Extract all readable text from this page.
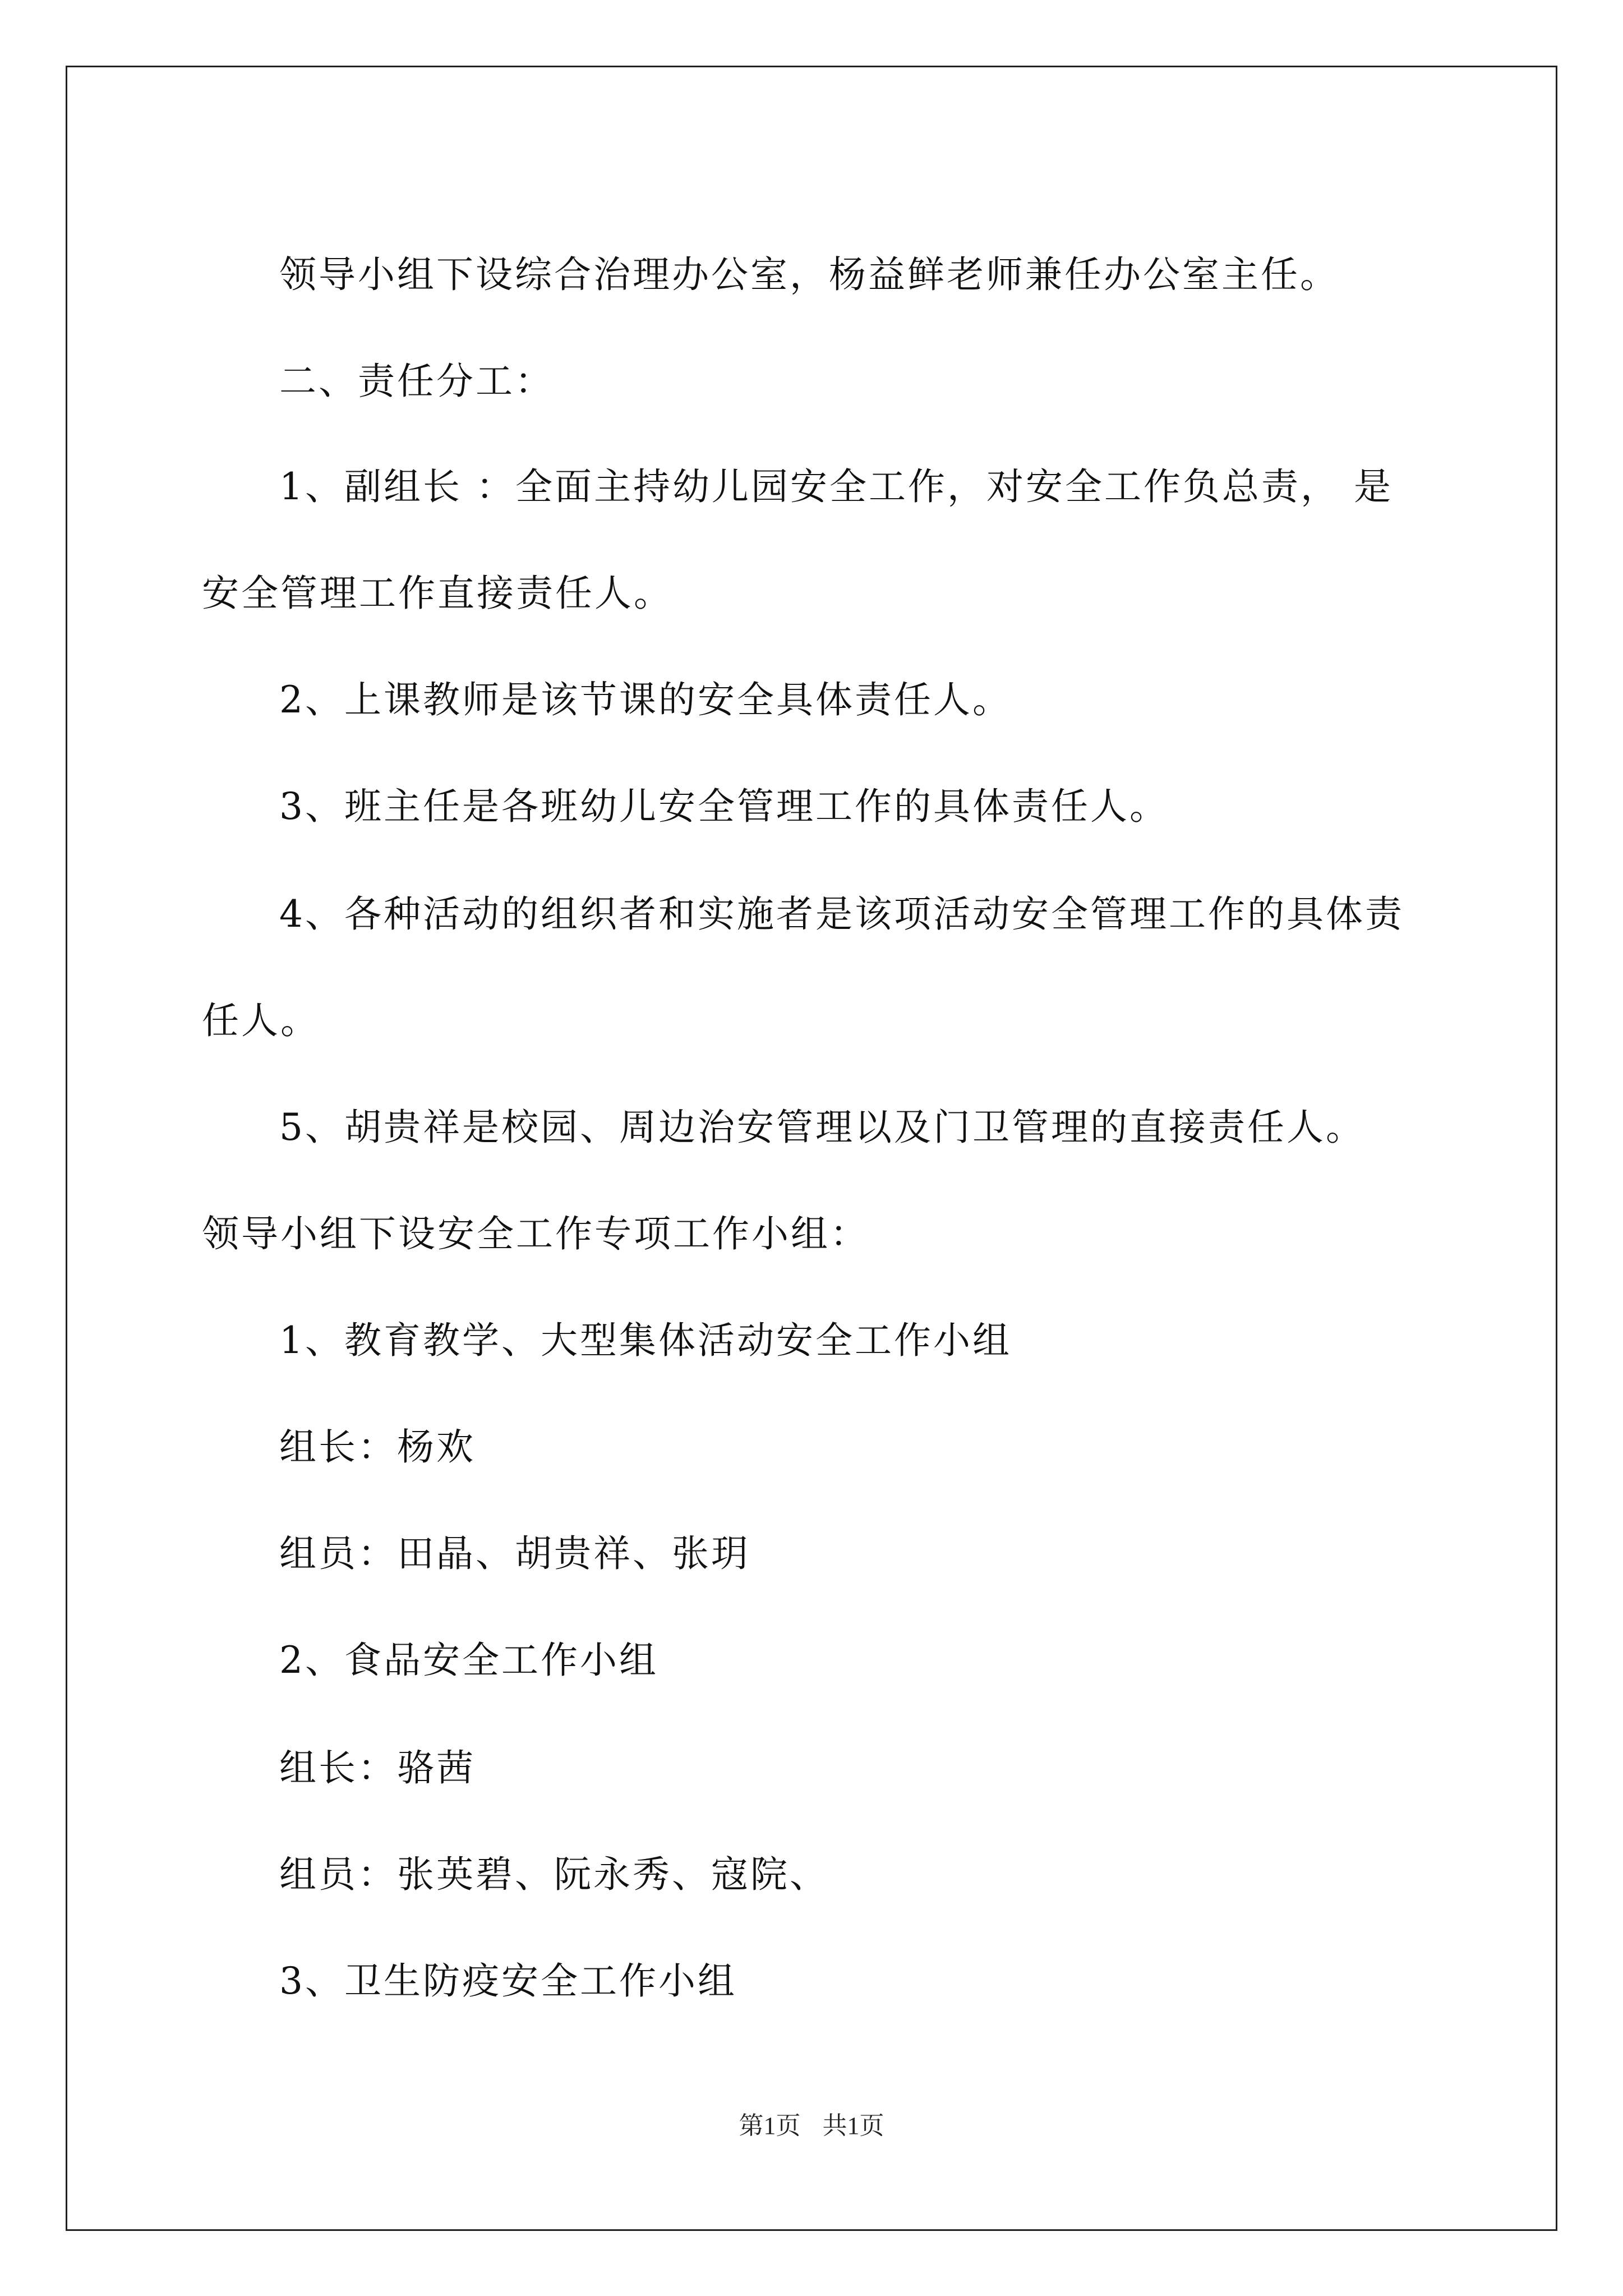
领导小组下设综合治理办公室，杨益鲜老师兼任办公室主任。
二、责任分工：
1、副组长 ：全面主持幼儿园安全工作，对安全工作负总责， 是
安全管理工作直接责任人。
2、上课教师是该节课的安全具体责任人。
3、班主任是各班幼儿安全管理工作的具体责任人。
4、各种活动的组织者和实施者是该项活动安全管理工作的具体责
任人。
5、胡贵祥是校园、周边治安管理以及门卫管理的直接责任人。
领导小组下设安全工作专项工作小组：
1、教育教学、大型集体活动安全工作小组
组长：杨欢
组员：田晶、胡贵祥、张玥
2、食品安全工作小组
组长：骆茜
组员：张英碧、阮永秀、寇院、
3、卫生防疫安全工作小组
第1页 共1页
